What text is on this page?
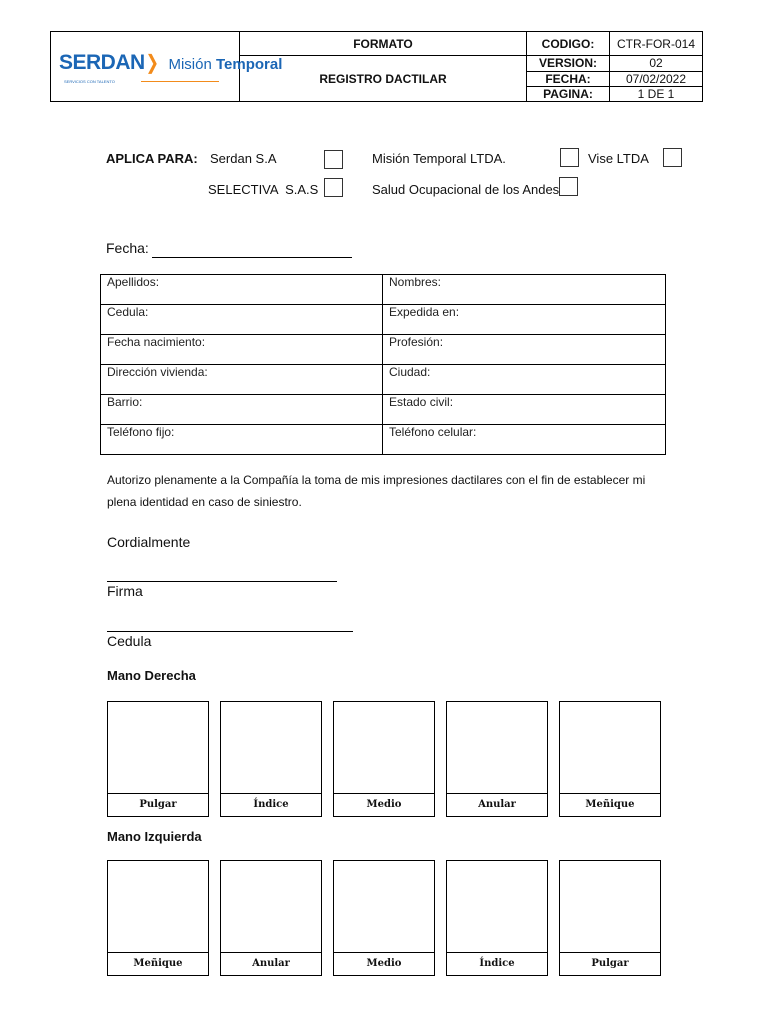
SERDAN❯ Misión Temporal
SERVICIOS CON TALENTO	FORMATO	CODIGO:	CTR-FOR-014
	REGISTRO DACTILAR	VERSION:	02
		FECHA:	07/02/2022
		PAGINA:	1 DE 1
APLICA PARA: Serdan S.A	Misión Temporal LTDA.	Vise LTDA
SELECTIVA  S.A.S	Salud Ocupacional de los Andes
Fecha:
Apellidos:	Nombres:
Cedula:	Expedida en:
Fecha nacimiento:	Profesión:
Dirección vivienda:	Ciudad:
Barrio:	Estado civil:
Teléfono fijo:	Teléfono celular:
Autorizo plenamente a la Compañía la toma de mis impresiones dactilares con el fin de establecer mi plena identidad en caso de siniestro.
Cordialmente
Firma
Cedula
Mano Derecha
Pulgar	Índice	Medio	Anular	Meñique
Mano Izquierda
Meñique	Anular	Medio	Índice	Pulgar
